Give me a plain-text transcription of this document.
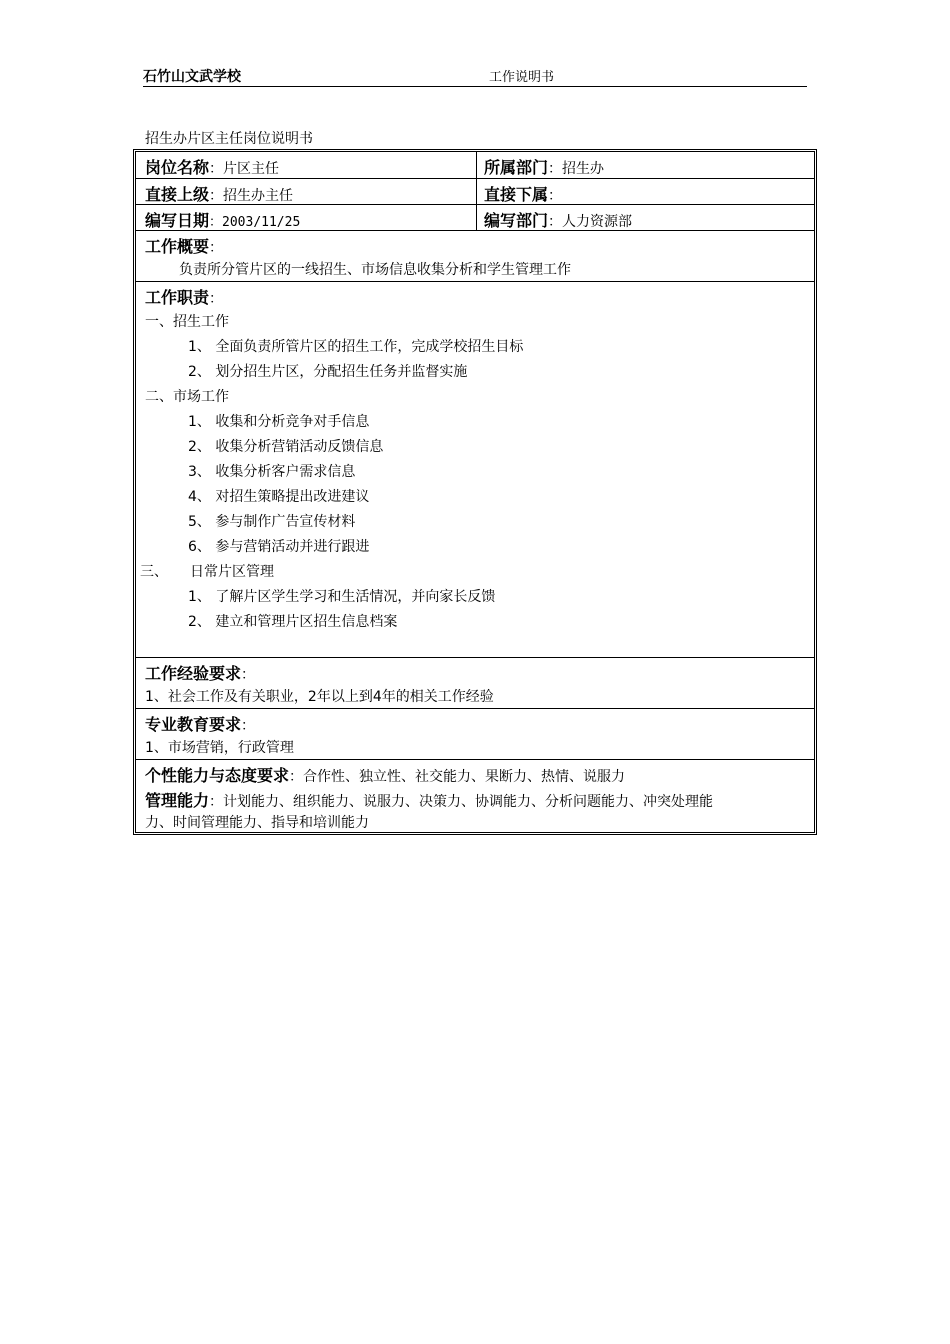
石竹山文武学校	工作说明书
招生办片区主任岗位说明书
岗位名称：片区主任	所属部门：招生办
直接上级：招生办主任	直接下属：
编写日期：2003/11/25	编写部门：人力资源部
工作概要：
负责所分管片区的一线招生、市场信息收集分析和学生管理工作
工作职责：
一、招生工作
1、 全面负责所管片区的招生工作，完成学校招生目标
2、 划分招生片区，分配招生任务并监督实施
二、市场工作
1、 收集和分析竞争对手信息
2、 收集分析营销活动反馈信息
3、 收集分析客户需求信息
4、 对招生策略提出改进建议
5、 参与制作广告宣传材料
6、 参与营销活动并进行跟进
三、 日常片区管理
1、 了解片区学生学习和生活情况，并向家长反馈
2、 建立和管理片区招生信息档案
工作经验要求：
1、社会工作及有关职业，2年以上到4年的相关工作经验
专业教育要求：
1、市场营销，行政管理
个性能力与态度要求：合作性、独立性、社交能力、果断力、热情、说服力
管理能力：计划能力、组织能力、说服力、决策力、协调能力、分析问题能力、冲突处理能
力、时间管理能力、指导和培训能力
